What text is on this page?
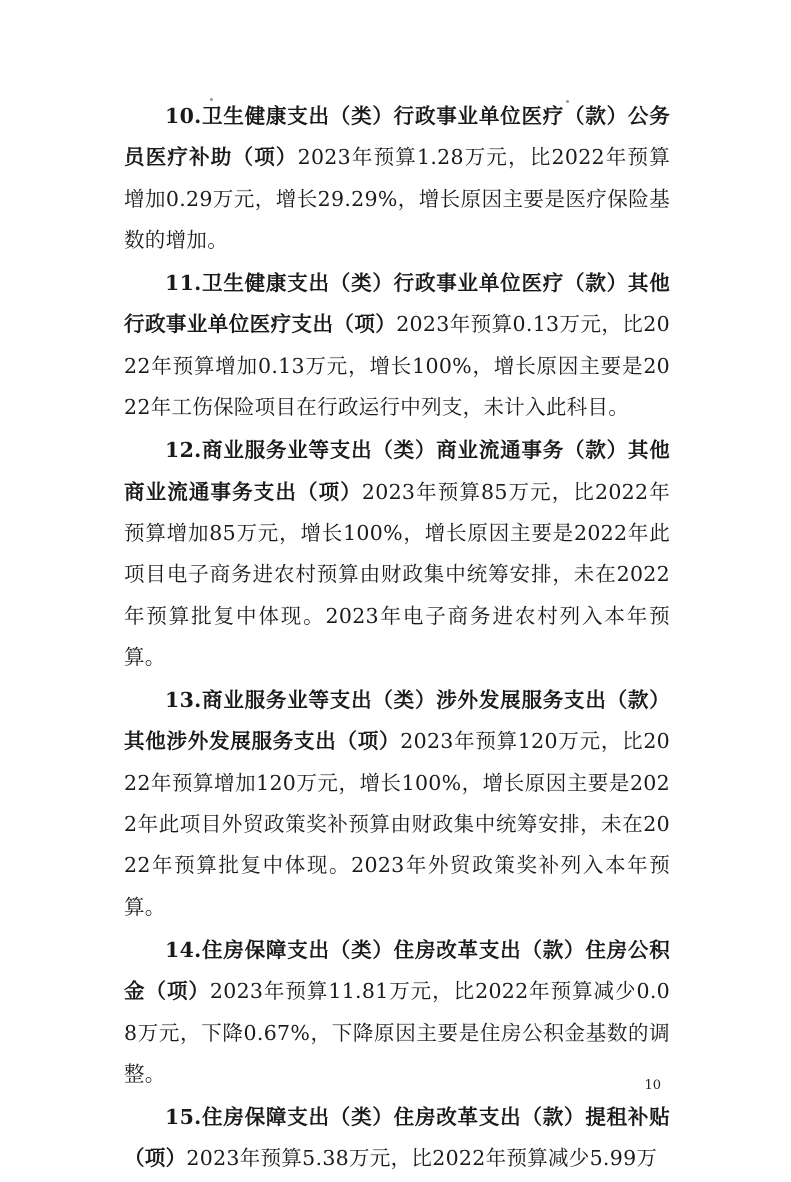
10.卫生健康支出（类）行政事业单位医疗（款）公务员医疗补助（项）2023年预算1.28万元，比2022年预算增加0.29万元，增长29.29%，增长原因主要是医疗保险基数的增加。

11.卫生健康支出（类）行政事业单位医疗（款）其他行政事业单位医疗支出（项）2023年预算0.13万元，比2022年预算增加0.13万元，增长100%，增长原因主要是2022年工伤保险项目在行政运行中列支，未计入此科目。

12.商业服务业等支出（类）商业流通事务（款）其他商业流通事务支出（项）2023年预算85万元，比2022年预算增加85万元，增长100%，增长原因主要是2022年此项目电子商务进农村预算由财政集中统筹安排，未在2022年预算批复中体现。2023年电子商务进农村列入本年预算。

13.商业服务业等支出（类）涉外发展服务支出（款）其他涉外发展服务支出（项）2023年预算120万元，比2022年预算增加120万元，增长100%，增长原因主要是2022年此项目外贸政策奖补预算由财政集中统筹安排，未在2022年预算批复中体现。2023年外贸政策奖补列入本年预算。

14.住房保障支出（类）住房改革支出（款）住房公积金（项）2023年预算11.81万元，比2022年预算减少0.08万元，下降0.67%，下降原因主要是住房公积金基数的调整。

15.住房保障支出（类）住房改革支出（款）提租补贴（项）2023年预算5.38万元，比2022年预算减少5.99万

10
